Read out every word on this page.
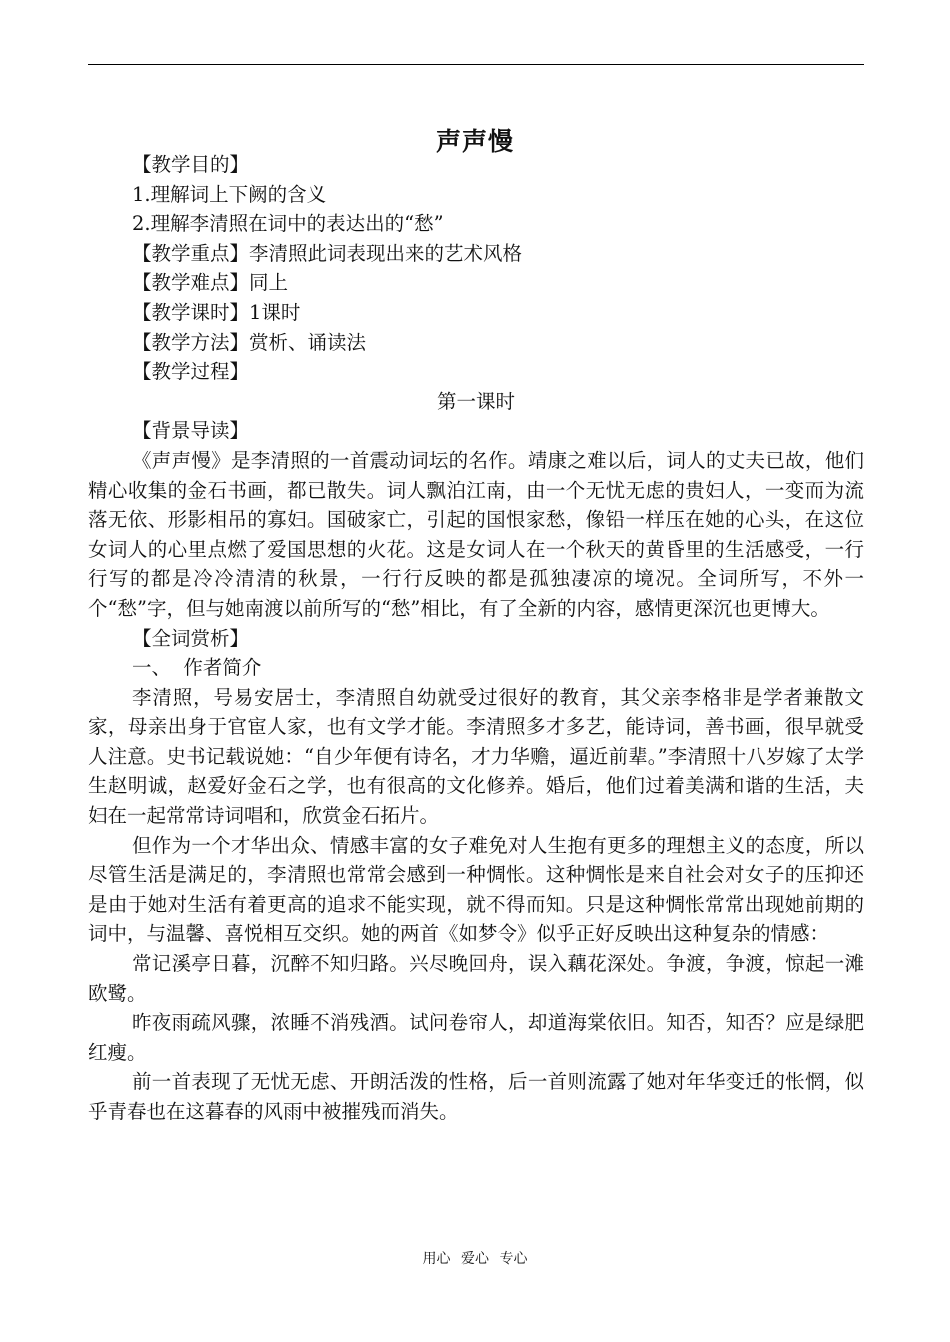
声声慢
【教学目的】
1.理解词上下阙的含义
2.理解李清照在词中的表达出的“愁”
【教学重点】李清照此词表现出来的艺术风格
【教学难点】同上
【教学课时】1课时
【教学方法】赏析、诵读法
【教学过程】
第一课时
【背景导读】

《声声慢》是李清照的一首震动词坛的名作。靖康之难以后，词人的丈夫已故，他们精心收集的金石书画，都已散失。词人飘泊江南，由一个无忧无虑的贵妇人，一变而为流落无依、形影相吊的寡妇。国破家亡，引起的国恨家愁，像铅一样压在她的心头，在这位女词人的心里点燃了爱国思想的火花。这是女词人在一个秋天的黄昏里的生活感受，一行行写的都是冷冷清清的秋景，一行行反映的都是孤独凄凉的境况。全词所写，不外一个“愁”字，但与她南渡以前所写的“愁”相比，有了全新的内容，感情更深沉也更博大。

【全词赏析】
一、  作者简介

李清照，号易安居士，李清照自幼就受过很好的教育，其父亲李格非是学者兼散文家，母亲出身于官宦人家，也有文学才能。李清照多才多艺，能诗词，善书画，很早就受人注意。史书记载说她：“自少年便有诗名，才力华赡，逼近前辈。”李清照十八岁嫁了太学生赵明诚，赵爱好金石之学，也有很高的文化修养。婚后，他们过着美满和谐的生活，夫妇在一起常常诗词唱和，欣赏金石拓片。

但作为一个才华出众、情感丰富的女子难免对人生抱有更多的理想主义的态度，所以尽管生活是满足的，李清照也常常会感到一种惆怅。这种惆怅是来自社会对女子的压抑还是由于她对生活有着更高的追求不能实现，就不得而知。只是这种惆怅常常出现她前期的词中，与温馨、喜悦相互交织。她的两首《如梦令》似乎正好反映出这种复杂的情感：

常记溪亭日暮，沉醉不知归路。兴尽晚回舟，误入藕花深处。争渡，争渡，惊起一滩欧鹭。

昨夜雨疏风骤，浓睡不消残酒。试问卷帘人，却道海棠依旧。知否，知否？应是绿肥红瘦。

前一首表现了无忧无虑、开朗活泼的性格，后一首则流露了她对年华变迁的怅惘，似乎青春也在这暮春的风雨中被摧残而消失。

用心 爱心 专心
